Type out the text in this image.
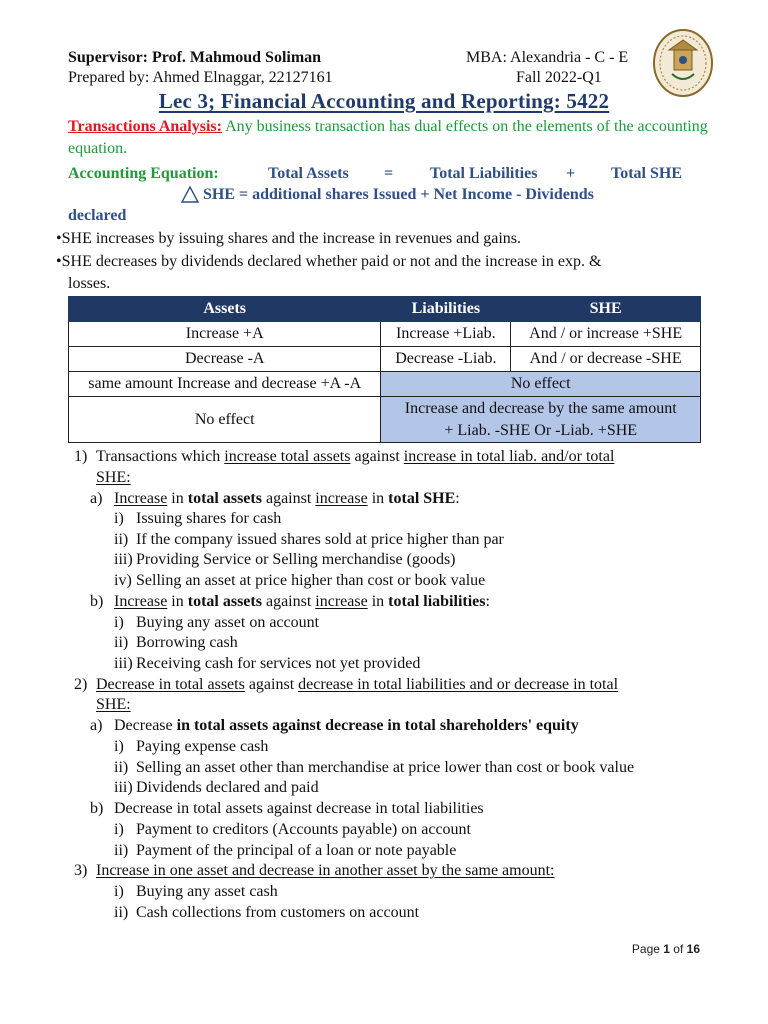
Supervisor: Prof. Mahmoud Soliman	MBA: Alexandria - C - E
Prepared by: Ahmed Elnaggar, 22127161	Fall 2022-Q1
Lec 3; Financial Accounting and Reporting: 5422
Transactions Analysis: Any business transaction has dual effects on the elements of the accounting equation.
Accounting Equation:	Total Assets = Total Liabilities + Total SHE
SHE = additional shares Issued + Net Income - Dividends
declared
•SHE increases by issuing shares and the increase in revenues and gains.
•SHE decreases by dividends declared whether paid or not and the increase in exp. &
losses.
Assets	Liabilities	SHE
Increase +A	Increase +Liab.	And / or increase +SHE
Decrease -A	Decrease -Liab.	And / or decrease -SHE
same amount Increase and decrease +A -A	No effect	
No effect	Increase and decrease by the same amount
+ Liab. -SHE Or -Liab. +SHE	
1) Transactions which increase total assets against increase in total liab. and/or total
SHE:
a) Increase in total assets against increase in total SHE:
i) Issuing shares for cash
ii) If the company issued shares sold at price higher than par
iii) Providing Service or Selling merchandise (goods)
iv) Selling an asset at price higher than cost or book value
b) Increase in total assets against increase in total liabilities:
i) Buying any asset on account
ii) Borrowing cash
iii) Receiving cash for services not yet provided
2) Decrease in total assets against decrease in total liabilities and or decrease in total
SHE:
a) Decrease in total assets against decrease in total shareholders' equity
i) Paying expense cash
ii) Selling an asset other than merchandise at price lower than cost or book value
iii) Dividends declared and paid
b) Decrease in total assets against decrease in total liabilities
i) Payment to creditors (Accounts payable) on account
ii) Payment of the principal of a loan or note payable
3) Increase in one asset and decrease in another asset by the same amount:
i) Buying any asset cash
ii) Cash collections from customers on account
Page 1 of 16
